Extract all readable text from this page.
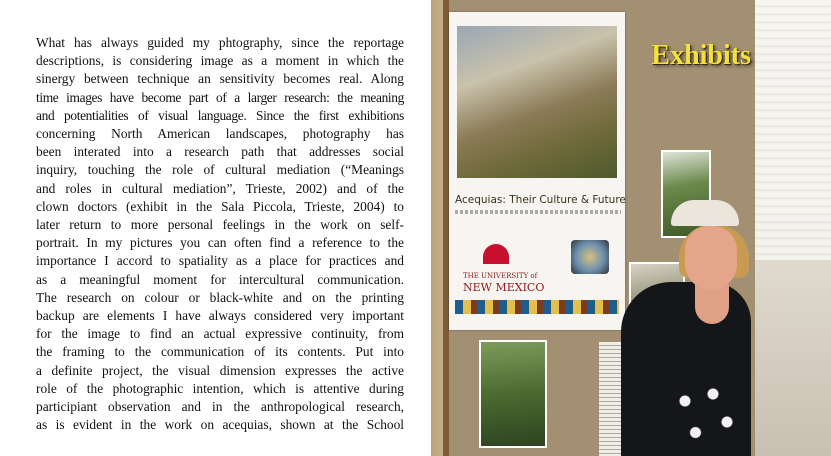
What has always guided my phtography, since the reportage
descriptions, is considering image as a moment in which the
sinergy between technique an sensitivity becomes real. Along
time images have become part of a larger research: the meaning
and potentialities of visual language. Since the first exhibitions
concerning North American landscapes, photography has
been interated into a research path that addresses social
inquiry, touching the role of cultural mediation (“Meanings
and roles in cultural mediation”, Trieste, 2002) and of the
clown doctors (exhibit in the Sala Piccola, Trieste, 2004) to
later return to more personal feelings in the work on self-
portrait. In my pictures you can often find a reference to the
importance I accord to spatiality as a place for practices and
as a meaningful moment for intercultural communication.
The research on colour or black-white and on the printing
backup are elements I have always considered very important
for the image to find an actual expressive continuity, from
the framing to the communication of its contents. Put into
a definite project, the visual dimension expresses the active
role of the photographic intention, which is attentive during
participiant observation and in the anthropological research,
as is evident in the work on acequias, shown at the School
Acequias: Their Culture & Future
THE UNIVERSITY of
NEW MEXICO
Exhibits
